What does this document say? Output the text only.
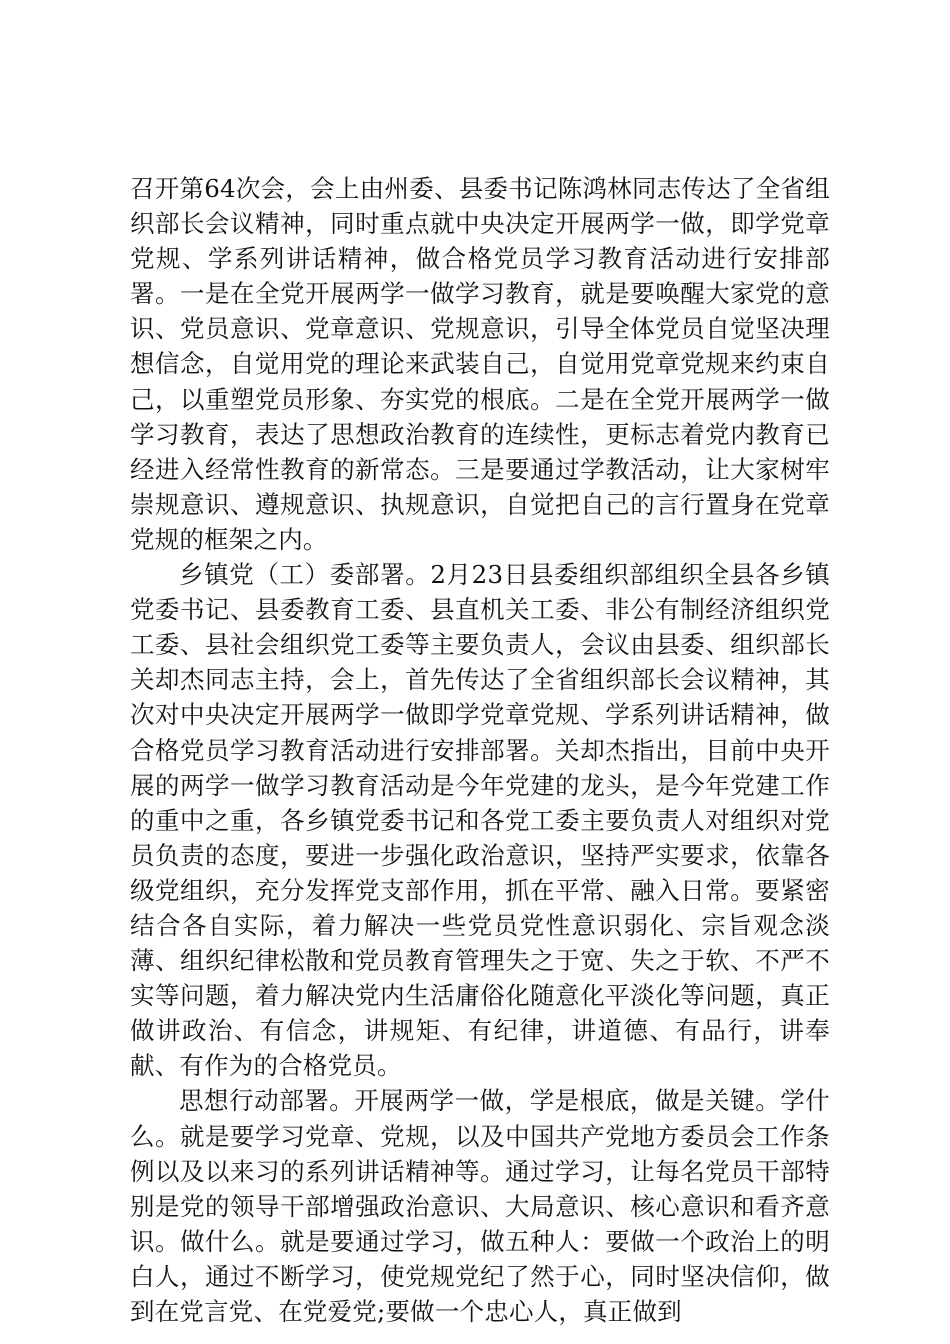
召开第64次会，会上由州委、县委书记陈鸿林同志传达了全省组织部长会议精神，同时重点就中央决定开展两学一做，即学党章党规、学系列讲话精神，做合格党员学习教育活动进行安排部署。一是在全党开展两学一做学习教育，就是要唤醒大家党的意识、党员意识、党章意识、党规意识，引导全体党员自觉坚决理想信念，自觉用党的理论来武装自己，自觉用党章党规来约束自己，以重塑党员形象、夯实党的根底。二是在全党开展两学一做学习教育，表达了思想政治教育的连续性，更标志着党内教育已经进入经常性教育的新常态。三是要通过学教活动，让大家树牢崇规意识、遵规意识、执规意识，自觉把自己的言行置身在党章党规的框架之内。

乡镇党（工）委部署。2月23日县委组织部组织全县各乡镇党委书记、县委教育工委、县直机关工委、非公有制经济组织党工委、县社会组织党工委等主要负责人，会议由县委、组织部长关却杰同志主持，会上，首先传达了全省组织部长会议精神，其次对中央决定开展两学一做即学党章党规、学系列讲话精神，做合格党员学习教育活动进行安排部署。关却杰指出，目前中央开展的两学一做学习教育活动是今年党建的龙头，是今年党建工作的重中之重，各乡镇党委书记和各党工委主要负责人对组织对党员负责的态度，要进一步强化政治意识，坚持严实要求，依靠各级党组织，充分发挥党支部作用，抓在平常、融入日常。要紧密结合各自实际，着力解决一些党员党性意识弱化、宗旨观念淡薄、组织纪律松散和党员教育管理失之于宽、失之于软、不严不实等问题，着力解决党内生活庸俗化随意化平淡化等问题，真正做讲政治、有信念，讲规矩、有纪律，讲道德、有品行，讲奉献、有作为的合格党员。

思想行动部署。开展两学一做，学是根底，做是关键。学什么。就是要学习党章、党规，以及中国共产党地方委员会工作条例以及以来习的系列讲话精神等。通过学习，让每名党员干部特别是党的领导干部增强政治意识、大局意识、核心意识和看齐意识。做什么。就是要通过学习，做五种人：要做一个政治上的明白人，通过不断学习，使党规党纪了然于心，同时坚决信仰，做到在党言党、在党爱党;要做一个忠心人，真正做到
